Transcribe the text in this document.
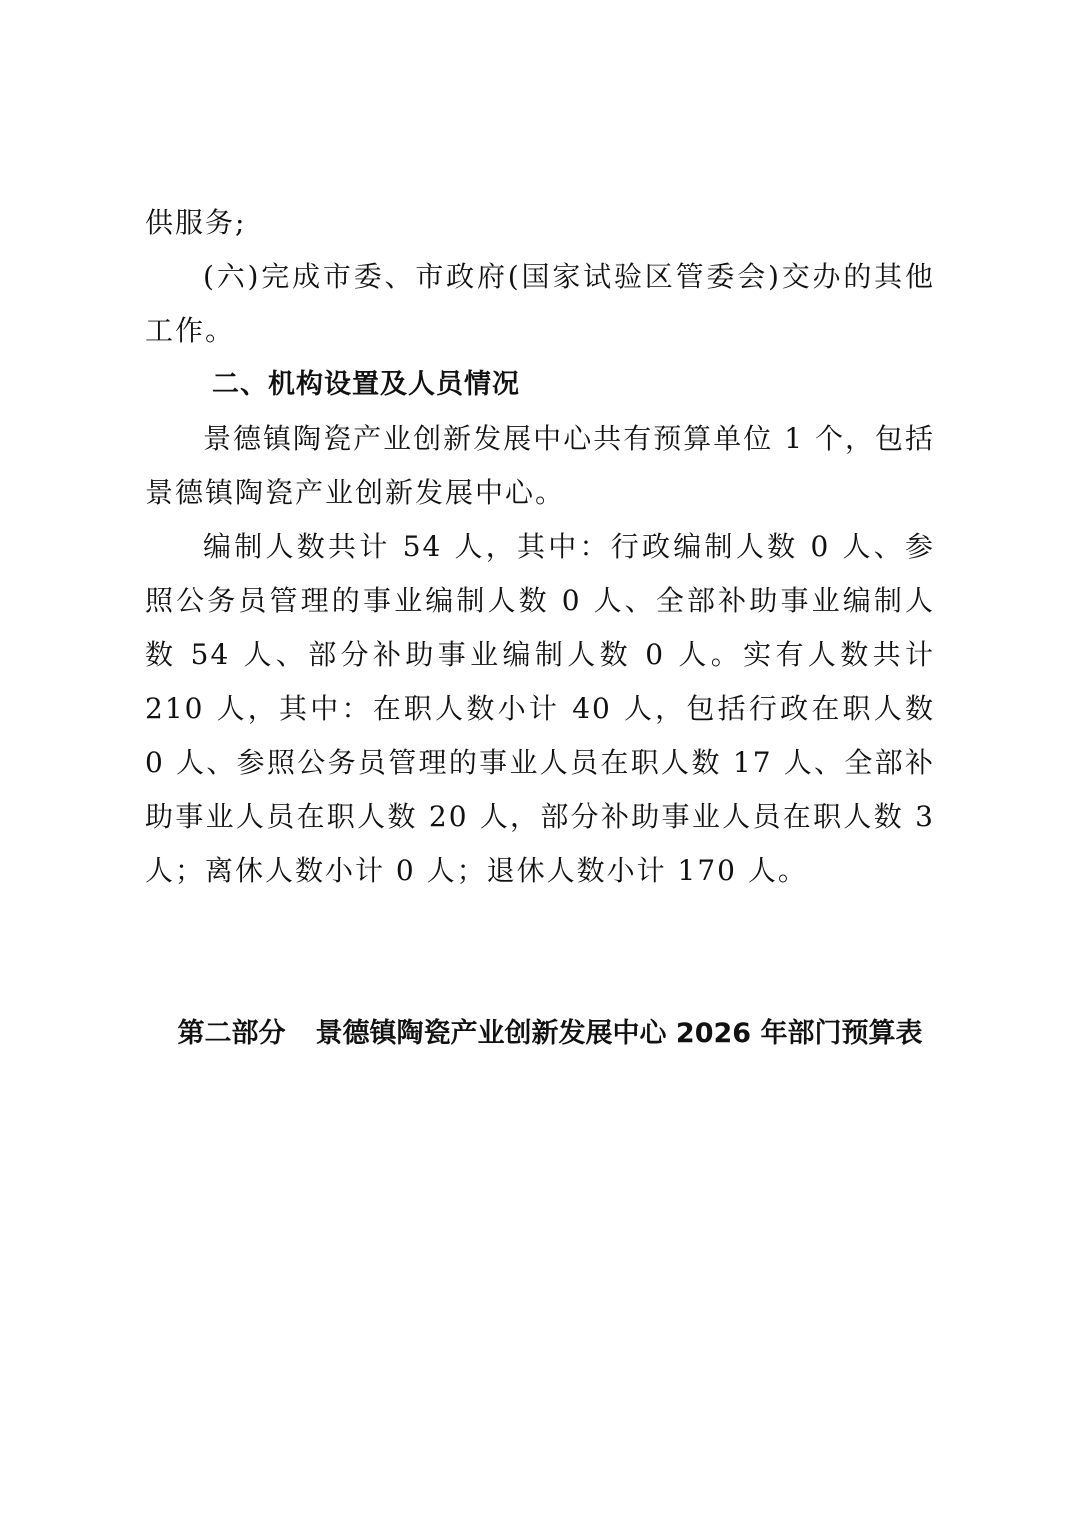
供服务;

(六)完成市委、市政府(国家试验区管委会)交办的其他工作。

二、机构设置及人员情况

景德镇陶瓷产业创新发展中心共有预算单位 1 个，包括景德镇陶瓷产业创新发展中心。

编制人数共计 54 人，其中：行政编制人数 0 人、参照公务员管理的事业编制人数 0 人、全部补助事业编制人数 54 人、部分补助事业编制人数 0 人。实有人数共计 210 人，其中：在职人数小计 40 人，包括行政在职人数 0 人、参照公务员管理的事业人员在职人数 17 人、全部补助事业人员在职人数 20 人，部分补助事业人员在职人数 3 人；离休人数小计 0 人；退休人数小计 170 人。

第二部分 景德镇陶瓷产业创新发展中心 2026 年部门预算表
